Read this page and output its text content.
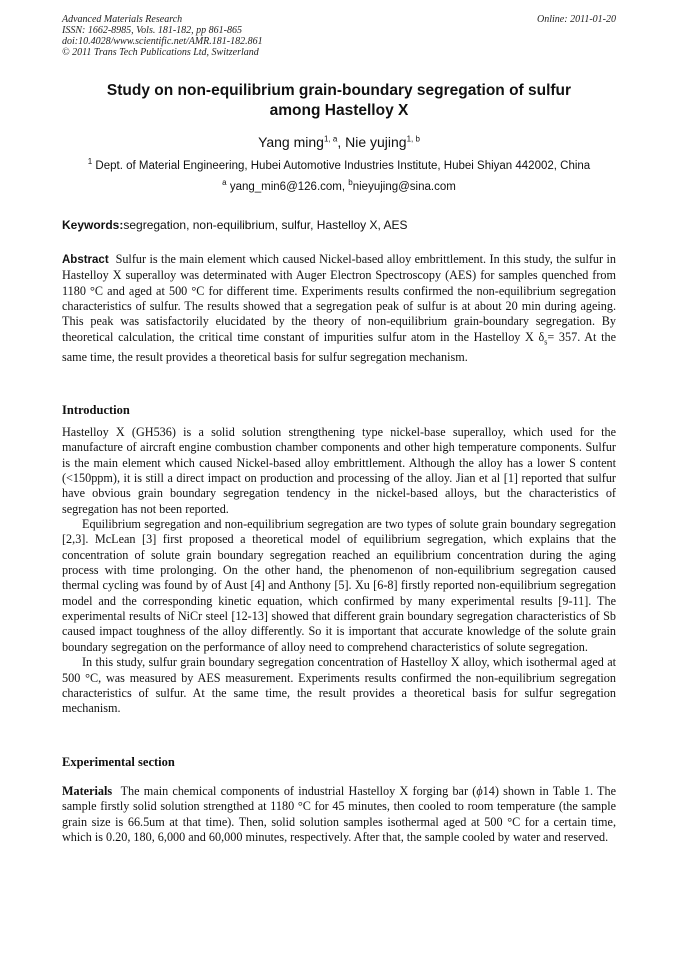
Advanced Materials Research
ISSN: 1662-8985, Vols. 181-182, pp 861-865
doi:10.4028/www.scientific.net/AMR.181-182.861
© 2011 Trans Tech Publications Ltd, Switzerland
Online: 2011-01-20
Study on non-equilibrium grain-boundary segregation of sulfur
among Hastelloy X
Yang ming$^{1, a}$, Nie yujing$^{1, b}$
$^1$ Dept. of Material Engineering, Hubei Automotive Industries Institute, Hubei Shiyan 442002, China
$^a$ yang_min6@126.com, $^b$nieyujing@sina.com
Keywords:segregation, non-equilibrium, sulfur, Hastelloy X, AES

Abstract Sulfur is the main element which caused Nickel-based alloy embrittlement. In this study, the sulfur in Hastelloy X superalloy was determinated with Auger Electron Spectroscopy (AES) for samples quenched from 1180 °C and aged at 500 °C for different time. Experiments results confirmed the non-equilibrium segregation characteristics of sulfur. The results showed that a segregation peak of sulfur is at about 20 min during ageing. This peak was satisfactorily elucidated by the theory of non-equilibrium grain-boundary segregation. By theoretical calculation, the critical time constant of impurities sulfur atom in the Hastelloy X $\delta_s= 357$. At the same time, the result provides a theoretical basis for sulfur segregation mechanism.

Introduction

Hastelloy X (GH536) is a solid solution strengthening type nickel-base superalloy, which used for the manufacture of aircraft engine combustion chamber components and other high temperature components. Sulfur is the main element which caused Nickel-based alloy embrittlement. Although the alloy has a lower S content (<150ppm), it is still a direct impact on production and processing of the alloy. Jian et al [1] reported that sulfur have obvious grain boundary segregation tendency in the nickel-based alloys, but the characteristics of segregation has not been reported.

Equilibrium segregation and non-equilibrium segregation are two types of solute grain boundary segregation [2,3]. McLean [3] first proposed a theoretical model of equilibrium segregation, which explains that the concentration of solute grain boundary segregation reached an equilibrium concentration during the aging process with time prolonging. On the other hand, the phenomenon of non-equilibrium segregation caused thermal cycling was found by of Aust [4] and Anthony [5]. Xu [6-8] firstly reported non-equilibrium segregation model and the corresponding kinetic equation, which confirmed by many experimental results [9-11]. The experimental results of NiCr steel [12-13] showed that different grain boundary segregation characteristics of Sb caused impact toughness of the alloy differently. So it is important that accurate knowledge of the solute grain boundary segregation on the performance of alloy need to comprehend characteristics of solute segregation.

In this study, sulfur grain boundary segregation concentration of Hastelloy X alloy, which isothermal aged at 500 °C, was measured by AES measurement. Experiments results confirmed the non-equilibrium segregation characteristics of sulfur. At the same time, the result provides a theoretical basis for sulfur segregation mechanism.

Experimental section

Materials The main chemical components of industrial Hastelloy X forging bar (ϕ14) shown in Table 1. The sample firstly solid solution strengthed at 1180 °C for 45 minutes, then cooled to room temperature (the sample grain size is 66.5um at that time). Then, solid solution samples isothermal aged at 500 °C for a certain time, which is 0.20, 180, 6,000 and 60,000 minutes, respectively. After that, the sample cooled by water and reserved.
